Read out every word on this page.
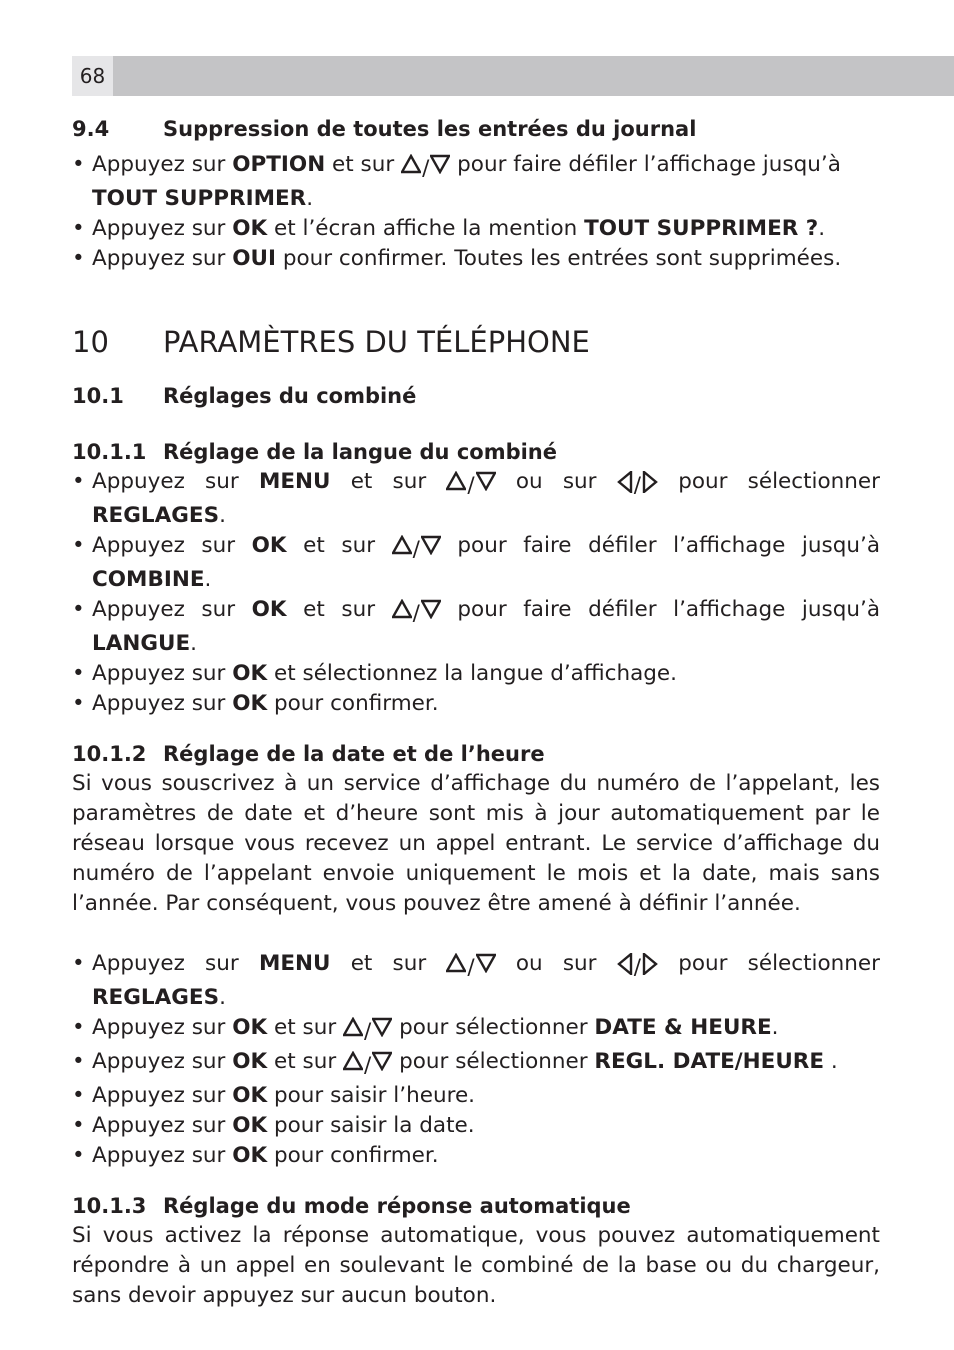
68

9.4	Suppression de toutes les entrées du journal

• Appuyez sur OPTION et sur / pour faire défiler l’affichage jusqu’à TOUT SUPPRIMER.
• Appuyez sur OK et l’écran affiche la mention TOUT SUPPRIMER ?.
• Appuyez sur OUI pour confirmer. Toutes les entrées sont supprimées.

10 PARAMÈTRES DU TÉLÉPHONE

10.1 Réglages du combiné

10.1.1 Réglage de la langue du combiné

• Appuyez sur MENU et sur / ou sur / pour sélectionner REGLAGES.
• Appuyez sur OK et sur / pour faire défiler l’affichage jusqu’à COMBINE.
• Appuyez sur OK et sur / pour faire défiler l’affichage jusqu’à LANGUE.
• Appuyez sur OK et sélectionnez la langue d’affichage.
• Appuyez sur OK pour confirmer.

10.1.2 Réglage de la date et de l’heure

Si vous souscrivez à un service d’affichage du numéro de l’appelant, les paramètres de date et d’heure sont mis à jour automatiquement par le réseau lorsque vous recevez un appel entrant. Le service d’affichage du numéro de l’appelant envoie uniquement le mois et la date, mais sans l’année. Par conséquent, vous pouvez être amené à définir l’année.

• Appuyez sur MENU et sur / ou sur / pour sélectionner REGLAGES.
• Appuyez sur OK et sur / pour sélectionner DATE & HEURE.
• Appuyez sur OK et sur / pour sélectionner REGL. DATE/HEURE .
• Appuyez sur OK pour saisir l’heure.
• Appuyez sur OK pour saisir la date.
• Appuyez sur OK pour confirmer.

10.1.3 Réglage du mode réponse automatique

Si vous activez la réponse automatique, vous pouvez automatiquement répondre à un appel en soulevant le combiné de la base ou du chargeur, sans devoir appuyez sur aucun bouton.
